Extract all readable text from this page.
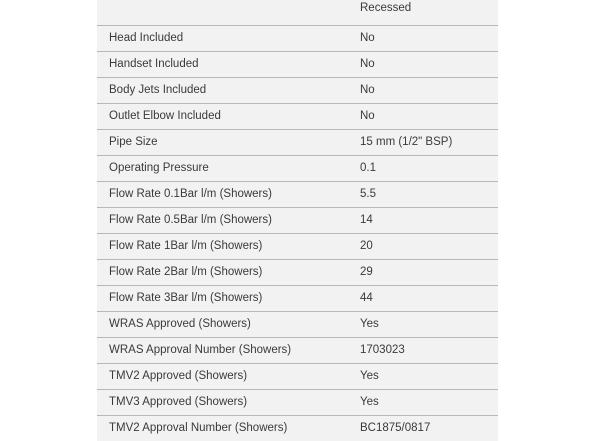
Recessed
Head Included	No
Handset Included	No
Body Jets Included	No
Outlet Elbow Included	No
Pipe Size	15 mm (1/2" BSP)
Operating Pressure	0.1
Flow Rate 0.1Bar l/m (Showers)	5.5
Flow Rate 0.5Bar l/m (Showers)	14
Flow Rate 1Bar l/m (Showers)	20
Flow Rate 2Bar l/m (Showers)	29
Flow Rate 3Bar l/m (Showers)	44
WRAS Approved (Showers)	Yes
WRAS Approval Number (Showers)	1703023
TMV2 Approved (Showers)	Yes
TMV3 Approved (Showers)	Yes
TMV2 Approval Number (Showers)	BC1875/0817
